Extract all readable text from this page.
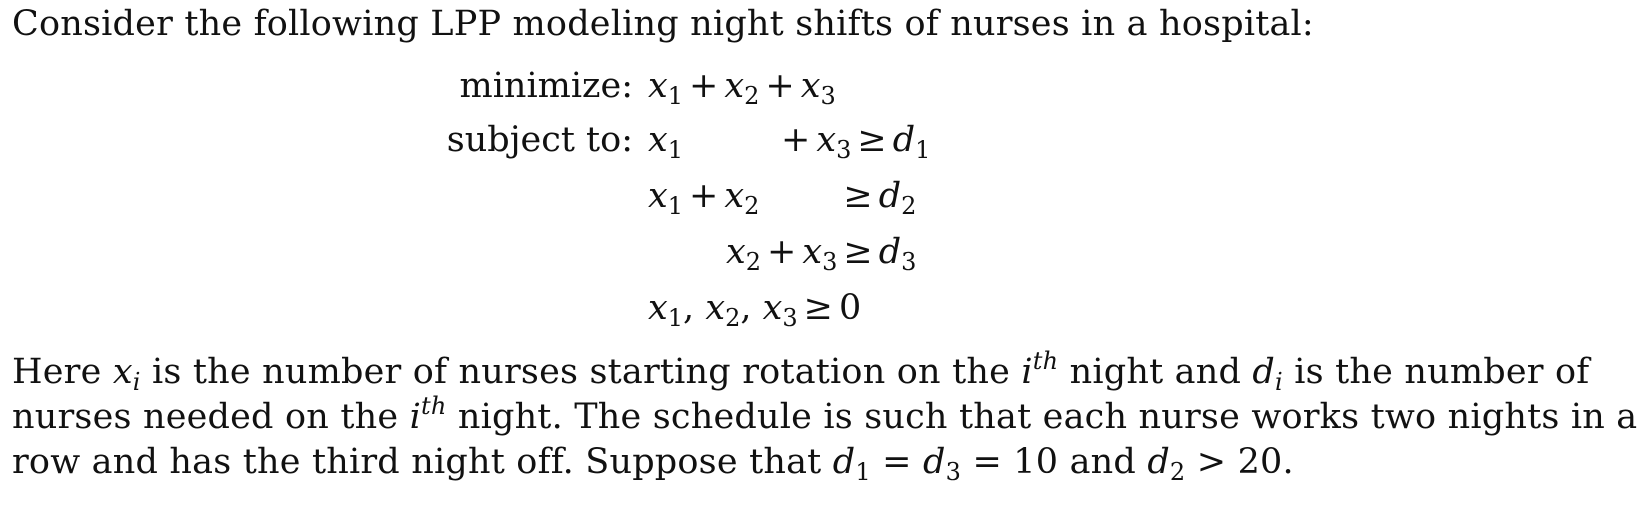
Consider the following LPP modeling night shifts of nurses in a hospital:
minimize: $x_1 + x_2 + x_3$
subject to: $x_1$	+ $x_3 \ge d_1$
$x_1 + x_2 \ge d_2$
$x_2 + x_3 \ge d_3$
$x_1$, $x_2$, $x_3 \ge 0$
Here $x_i$ is the number of nurses starting rotation on the $i^{th}$ night and $d_i$ is the number of
nurses needed on the $i^{th}$ night. The schedule is such that each nurse works two nights in a
row and has the third night off. Suppose that $d_1 = d_3 = 10$ and $d_2 > 20$.
